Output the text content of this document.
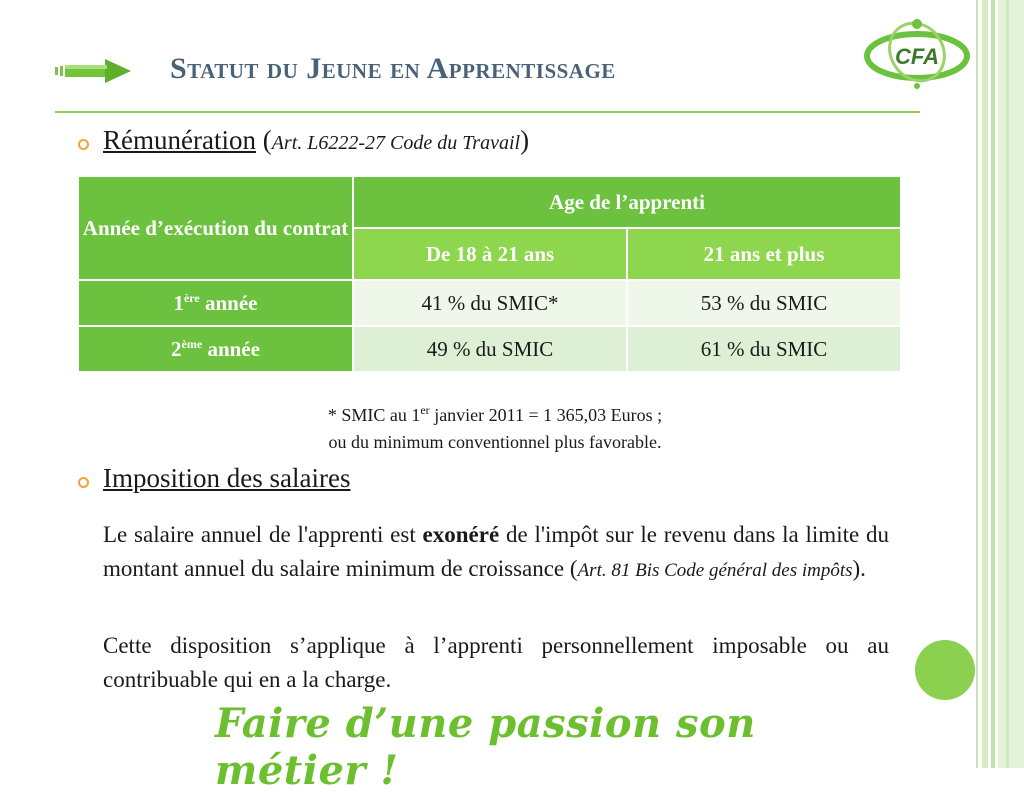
Statut du Jeune en Apprentissage	CFA
Rémunération (Art. L6222-27 Code du Travail)
Année d’exécution du contrat	Age de l’apprenti	
	De 18 à 21 ans	21 ans et plus
1ère année	41 % du SMIC*	53 % du SMIC
2ème année	49 % du SMIC	61 % du SMIC
* SMIC au 1er janvier 2011 = 1 365,03 Euros ;
ou du minimum conventionnel plus favorable.
Imposition des salaires
Le salaire annuel de l'apprenti est exonéré de l'impôt sur le revenu dans la limite du montant annuel du salaire minimum de croissance (Art. 81 Bis Code général des impôts).
Cette disposition s’applique à l’apprenti personnellement imposable ou au contribuable qui en a la charge.
Faire d’une passion son métier !
